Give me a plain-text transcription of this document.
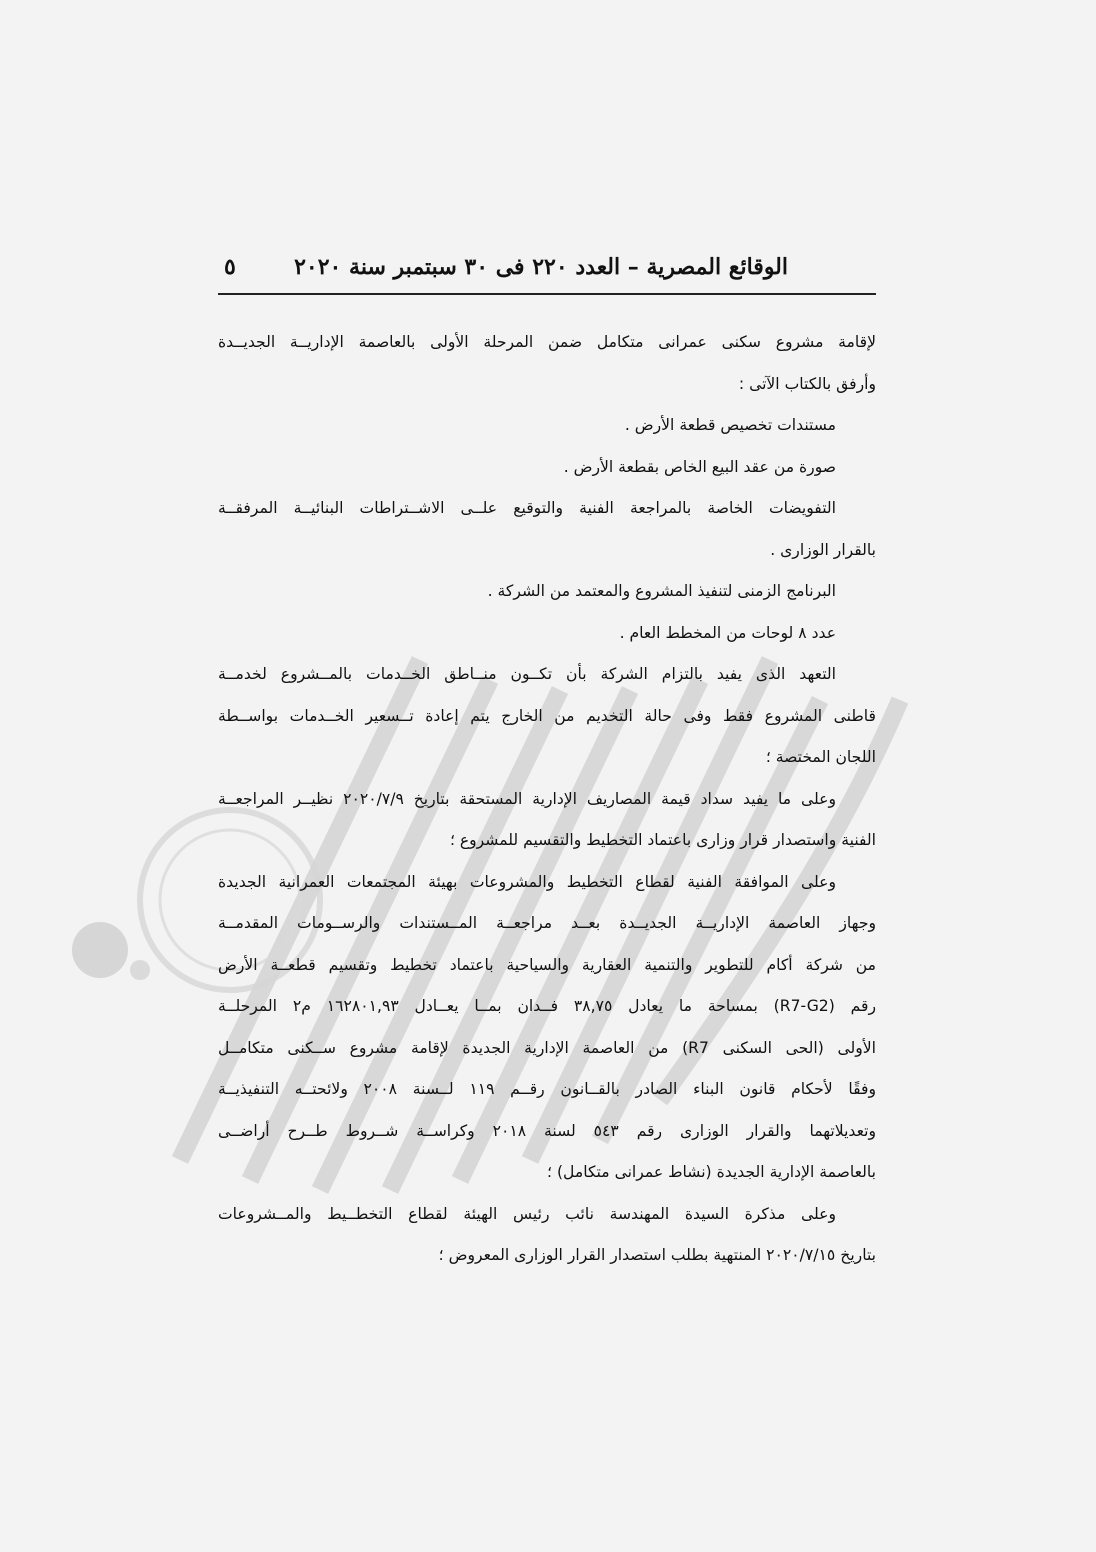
الوقائع المصرية – العدد ٢٢٠ فى ٣٠ سبتمبر سنة ٢٠٢٠
٥
لإقامة مشروع سكنى عمرانى متكامل ضمن المرحلة الأولى بالعاصمة الإداريــة الجديــدة
وأرفق بالكتاب الآتى :
مستندات تخصيص قطعة الأرض .
صورة من عقد البيع الخاص بقطعة الأرض .
التفويضات الخاصة بالمراجعة الفنية والتوقيع علــى الاشــتراطات البنائيــة المرفقــة
بالقرار الوزارى .
البرنامج الزمنى لتنفيذ المشروع والمعتمد من الشركة .
عدد ٨ لوحات من المخطط العام .
التعهد الذى يفيد بالتزام الشركة بأن تكــون منــاطق الخــدمات بالمــشروع لخدمــة
قاطنى المشروع فقط وفى حالة التخديم من الخارج يتم إعادة تــسعير الخــدمات بواســطة
اللجان المختصة ؛
وعلى ما يفيد سداد قيمة المصاريف الإدارية المستحقة بتاريخ ٢٠٢٠/٧/٩ نظيــر المراجعــة
الفنية واستصدار قرار وزارى باعتماد التخطيط والتقسيم للمشروع ؛
وعلى الموافقة الفنية لقطاع التخطيط والمشروعات بهيئة المجتمعات العمرانية الجديدة
وجهاز العاصمة الإداريــة الجديــدة بعــد مراجعــة المــستندات والرســومات المقدمــة
من شركة أكام للتطوير والتنمية العقارية والسياحية باعتماد تخطيط وتقسيم قطعــة الأرض
رقم (R7-G2) بمساحة ما يعادل ٣٨,٧٥ فــدان بمــا يعــادل ١٦٢٨٠١,٩٣ م٢ المرحلــة
الأولى (الحى السكنى R7) من العاصمة الإدارية الجديدة لإقامة مشروع ســكنى متكامــل
وفقًا لأحكام قانون البناء الصادر بالقــانون رقــم ١١٩ لــسنة ٢٠٠٨ ولائحتــه التنفيذيــة
وتعديلاتهما والقرار الوزارى رقم ٥٤٣ لسنة ٢٠١٨ وكراســة شــروط طــرح أراضــى
بالعاصمة الإدارية الجديدة (نشاط عمرانى متكامل) ؛
وعلى مذكرة السيدة المهندسة نائب رئيس الهيئة لقطاع التخطــيط والمــشروعات
بتاريخ ٢٠٢٠/٧/١٥ المنتهية بطلب استصدار القرار الوزارى المعروض ؛
